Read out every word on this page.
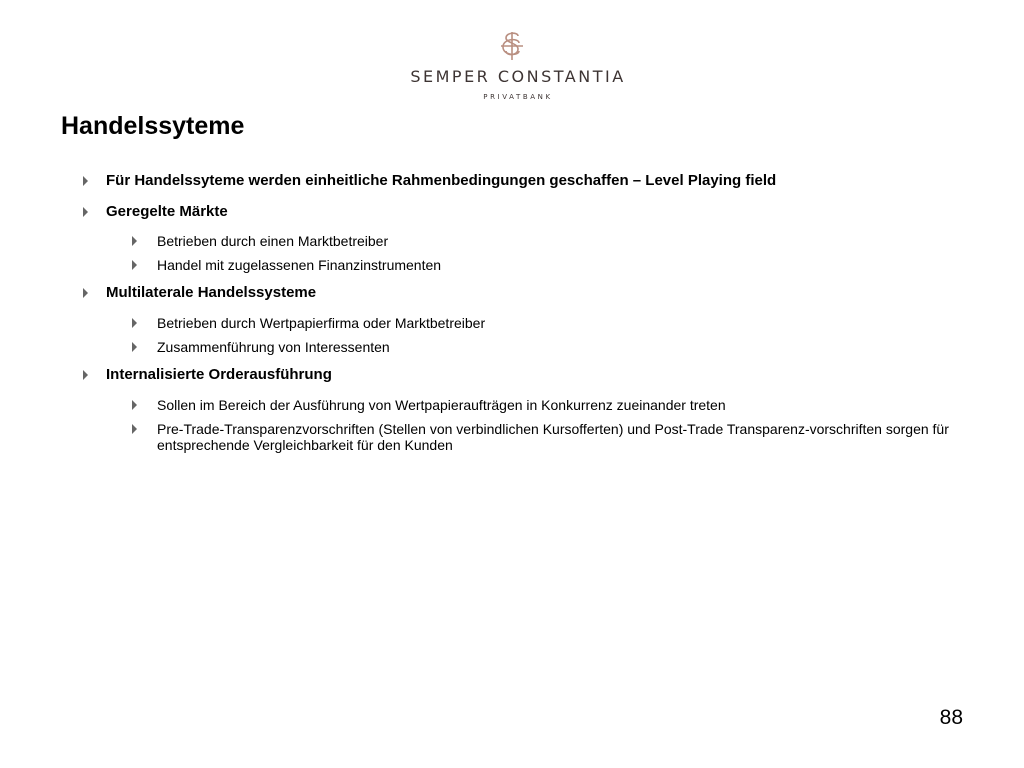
SEMPER CONSTANTIA
PRIVATBANK
Handelssyteme
Für Handelssyteme werden einheitliche Rahmenbedingungen geschaffen – Level Playing field
Geregelte Märkte
Betrieben durch einen Marktbetreiber
Handel mit zugelassenen Finanzinstrumenten
Multilaterale Handelssysteme
Betrieben durch Wertpapierfirma oder Marktbetreiber
Zusammenführung von Interessenten
Internalisierte Orderausführung
Sollen im Bereich der Ausführung von Wertpapieraufträgen in Konkurrenz zueinander treten
Pre-Trade-Transparenzvorschriften (Stellen von verbindlichen Kursofferten) und Post-Trade Transparenz-vorschriften sorgen für entsprechende Vergleichbarkeit für den Kunden
88
